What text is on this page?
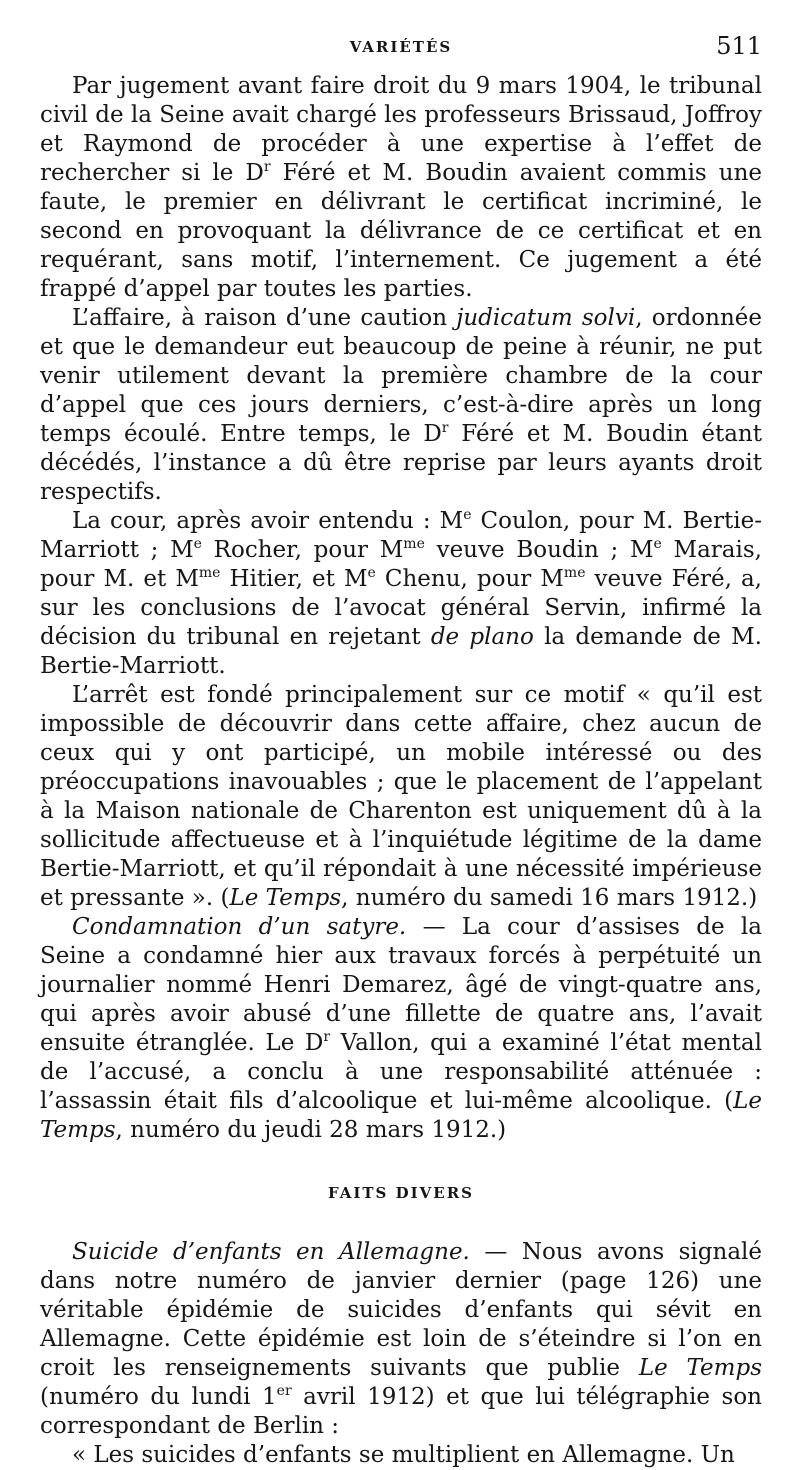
VARIÉTÉS	511

Par jugement avant faire droit du 9 mars 1904, le tribunal civil de la Seine avait chargé les professeurs Brissaud, Joffroy et Raymond de procéder à une expertise à l’effet de rechercher si le $D^r$ Féré et M. Boudin avaient commis une faute, le premier en délivrant le certificat incriminé, le second en provoquant la délivrance de ce certificat et en requérant, sans motif, l’internement. Ce jugement a été frappé d’appel par toutes les parties.

L’affaire, à raison d’une caution judicatum solvi, ordonnée et que le demandeur eut beaucoup de peine à réunir, ne put venir utilement devant la première chambre de la cour d’appel que ces jours derniers, c’est-à-dire après un long temps écoulé. Entre temps, le $D^r$ Féré et M. Boudin étant décédés, l’instance a dû être reprise par leurs ayants droit respectifs.

La cour, après avoir entendu : Me Coulon, pour M. Bertie-Marriott ; Me Rocher, pour $M^{me}$ veuve Boudin ; Me Marais, pour M. et $M^{me}$ Hitier, et Me Chenu, pour $M^{me}$ veuve Féré, a, sur les conclusions de l’avocat général Servin, infirmé la décision du tribunal en rejetant de plano la demande de M. Bertie-Marriott.

L’arrêt est fondé principalement sur ce motif « qu’il est impossible de découvrir dans cette affaire, chez aucun de ceux qui y ont participé, un mobile intéressé ou des préoccupations inavouables ; que le placement de l’appelant à la Maison nationale de Charenton est uniquement dû à la sollicitude affectueuse et à l’inquiétude légitime de la dame Bertie-Marriott, et qu’il répondait à une nécessité impérieuse et pressante ». (Le Temps, numéro du samedi 16 mars 1912.)

Condamnation d’un satyre. — La cour d’assises de la Seine a condamné hier aux travaux forcés à perpétuité un journalier nommé Henri Demarez, âgé de vingt-quatre ans, qui après avoir abusé d’une fillette de quatre ans, l’avait ensuite étranglée. Le $D^r$ Vallon, qui a examiné l’état mental de l’accusé, a conclu à une responsabilité atténuée : l’assassin était fils d’alcoolique et lui-même alcoolique. (Le Temps, numéro du jeudi 28 mars 1912.)

FAITS DIVERS

Suicide d’enfants en Allemagne. — Nous avons signalé dans notre numéro de janvier dernier (page 126) une véritable épidémie de suicides d’enfants qui sévit en Allemagne. Cette épidémie est loin de s’éteindre si l’on en croit les renseignements suivants que publie Le Temps (numéro du lundi 1er avril 1912) et que lui télégraphie son correspondant de Berlin :

« Les suicides d’enfants se multiplient en Allemagne. Un
